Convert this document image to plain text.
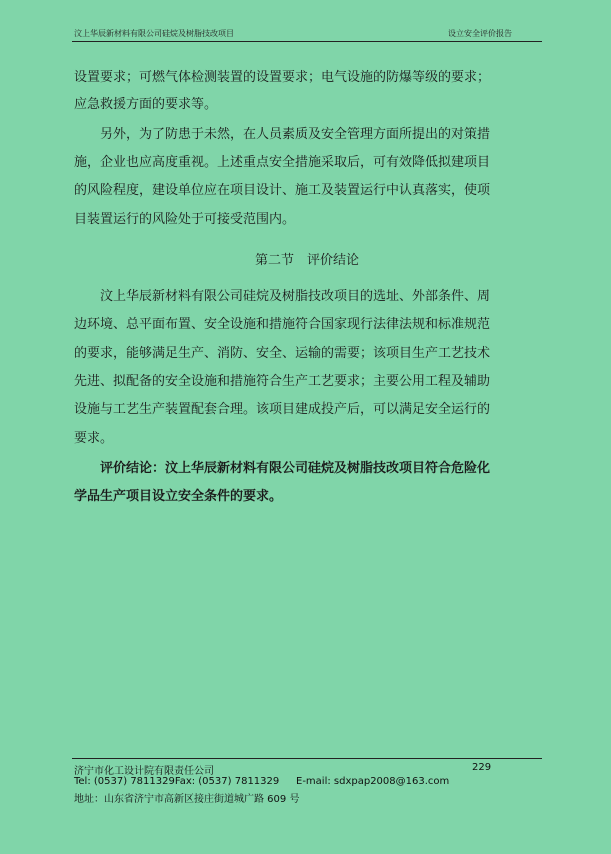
汶上华辰新材料有限公司硅烷及树脂技改项目	设立安全评价报告

设置要求；可燃气体检测装置的设置要求；电气设施的防爆等级的要求；

应急救援方面的要求等。

另外，为了防患于未然，在人员素质及安全管理方面所提出的对策措

施，企业也应高度重视。上述重点安全措施采取后，可有效降低拟建项目

的风险程度，建设单位应在项目设计、施工及装置运行中认真落实，使项

目装置运行的风险处于可接受范围内。

第二节　评价结论

汶上华辰新材料有限公司硅烷及树脂技改项目的选址、外部条件、周

边环境、总平面布置、安全设施和措施符合国家现行法律法规和标准规范

的要求，能够满足生产、消防、安全、运输的需要；该项目生产工艺技术

先进、拟配备的安全设施和措施符合生产工艺要求；主要公用工程及辅助

设施与工艺生产装置配套合理。该项目建成投产后，可以满足安全运行的

要求。

评价结论：汶上华辰新材料有限公司硅烷及树脂技改项目符合危险化

学品生产项目设立安全条件的要求。

济宁市化工设计院有限责任公司	229
Tel: (0537) 7811329Fax: (0537) 7811329 E-mail: sdxpap2008@163.com
地址：山东省济宁市高新区接庄街道城广路 609 号
